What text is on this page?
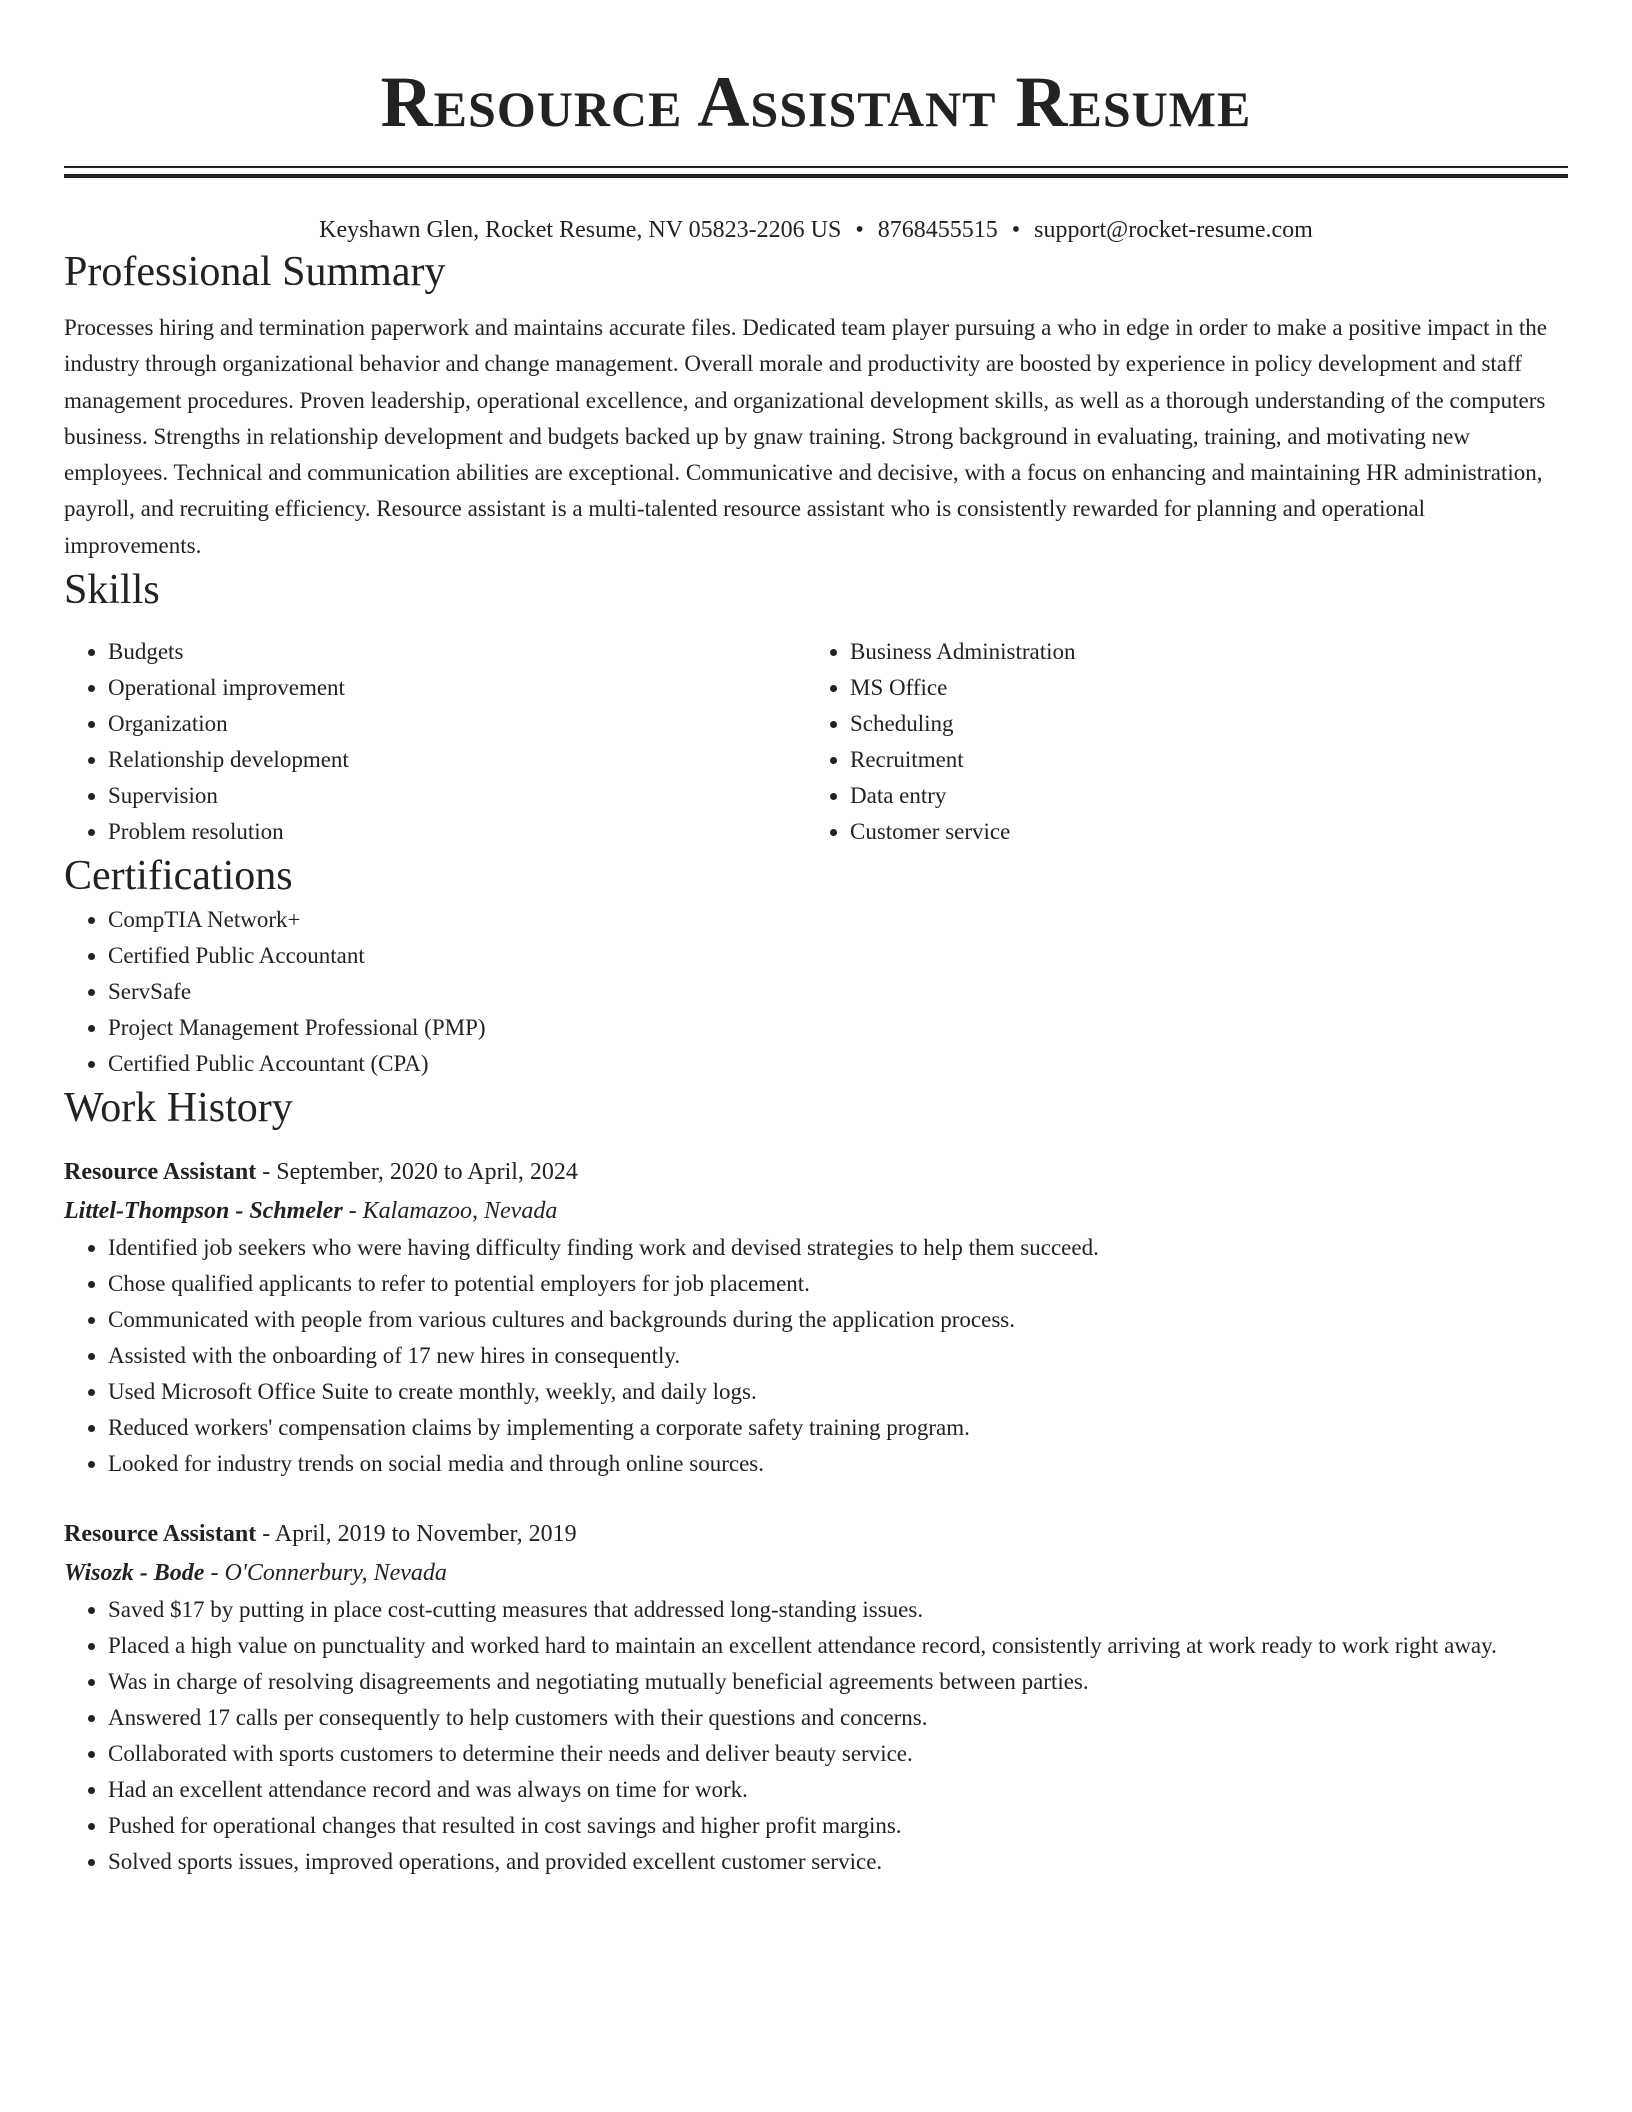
Resource Assistant Resume
Keyshawn Glen, Rocket Resume, NV 05823-2206 US • 8768455515 • support@rocket-resume.com
Professional Summary

Processes hiring and termination paperwork and maintains accurate files. Dedicated team player pursuing a who in edge in order to make a positive impact in the industry through organizational behavior and change management. Overall morale and productivity are boosted by experience in policy development and staff management procedures. Proven leadership, operational excellence, and organizational development skills, as well as a thorough understanding of the computers business. Strengths in relationship development and budgets backed up by gnaw training. Strong background in evaluating, training, and motivating new employees. Technical and communication abilities are exceptional. Communicative and decisive, with a focus on enhancing and maintaining HR administration, payroll, and recruiting efficiency. Resource assistant is a multi-talented resource assistant who is consistently rewarded for planning and operational improvements.

Skills
• Budgets
• Operational improvement
• Organization
• Relationship development
• Supervision
• Problem resolution
• Business Administration
• MS Office
• Scheduling
• Recruitment
• Data entry
• Customer service
Certifications
• CompTIA Network+
• Certified Public Accountant
• ServSafe
• Project Management Professional (PMP)
• Certified Public Accountant (CPA)
Work History
Resource Assistant - September, 2020 to April, 2024
Littel-Thompson - Schmeler - Kalamazoo, Nevada
• Identified job seekers who were having difficulty finding work and devised strategies to help them succeed.
• Chose qualified applicants to refer to potential employers for job placement.
• Communicated with people from various cultures and backgrounds during the application process.
• Assisted with the onboarding of 17 new hires in consequently.
• Used Microsoft Office Suite to create monthly, weekly, and daily logs.
• Reduced workers' compensation claims by implementing a corporate safety training program.
• Looked for industry trends on social media and through online sources.
Resource Assistant - April, 2019 to November, 2019
Wisozk - Bode - O'Connerbury, Nevada
• Saved $17 by putting in place cost-cutting measures that addressed long-standing issues.
• Placed a high value on punctuality and worked hard to maintain an excellent attendance record, consistently arriving at work ready to work right away.
• Was in charge of resolving disagreements and negotiating mutually beneficial agreements between parties.
• Answered 17 calls per consequently to help customers with their questions and concerns.
• Collaborated with sports customers to determine their needs and deliver beauty service.
• Had an excellent attendance record and was always on time for work.
• Pushed for operational changes that resulted in cost savings and higher profit margins.
• Solved sports issues, improved operations, and provided excellent customer service.
